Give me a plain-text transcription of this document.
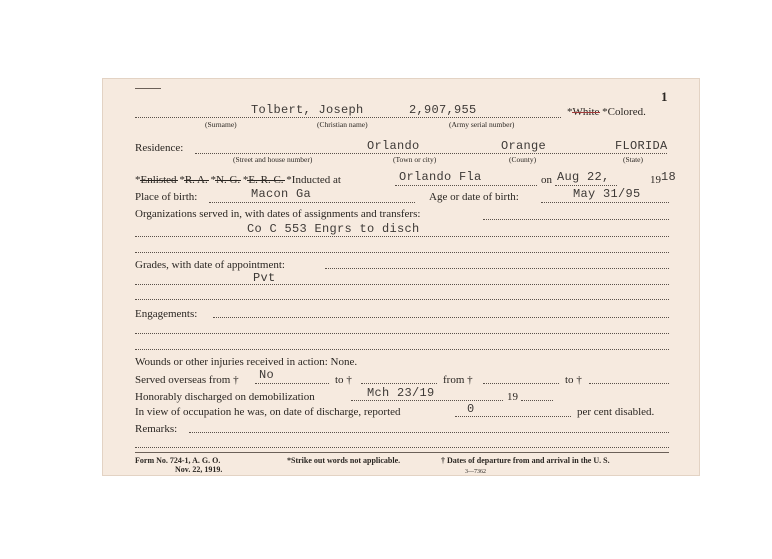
1
Tolbert, Joseph	2,907,955	*White *Colored.
(Surname)	(Christian name)	(Army serial number)
Residence:	Orlando	Orange	FLORIDA
(Street and house number)	(Town or city)	(County)	(State)
*Enlisted *R. A. *N. G. *E. R. C. *Inducted at	Orlando Fla	on Aug 22,	19 18
Place of birth:	Macon Ga	Age or date of birth:	May 31/95
Organizations served in, with dates of assignments and transfers:
Co C 553 Engrs to disch
Grades, with date of appointment:
Pvt
Engagements:
Wounds or other injuries received in action: None.
Served overseas from † No	to †	from †	to †
Honorably discharged on demobilization	Mch 23/19	19
In view of occupation he was, on date of discharge, reported	0	per cent disabled.
Remarks:
Form No. 724-1, A. G. O.
Nov. 22, 1919.
*Strike out words not applicable.	† Dates of departure from and arrival in the U. S.
3—7362
